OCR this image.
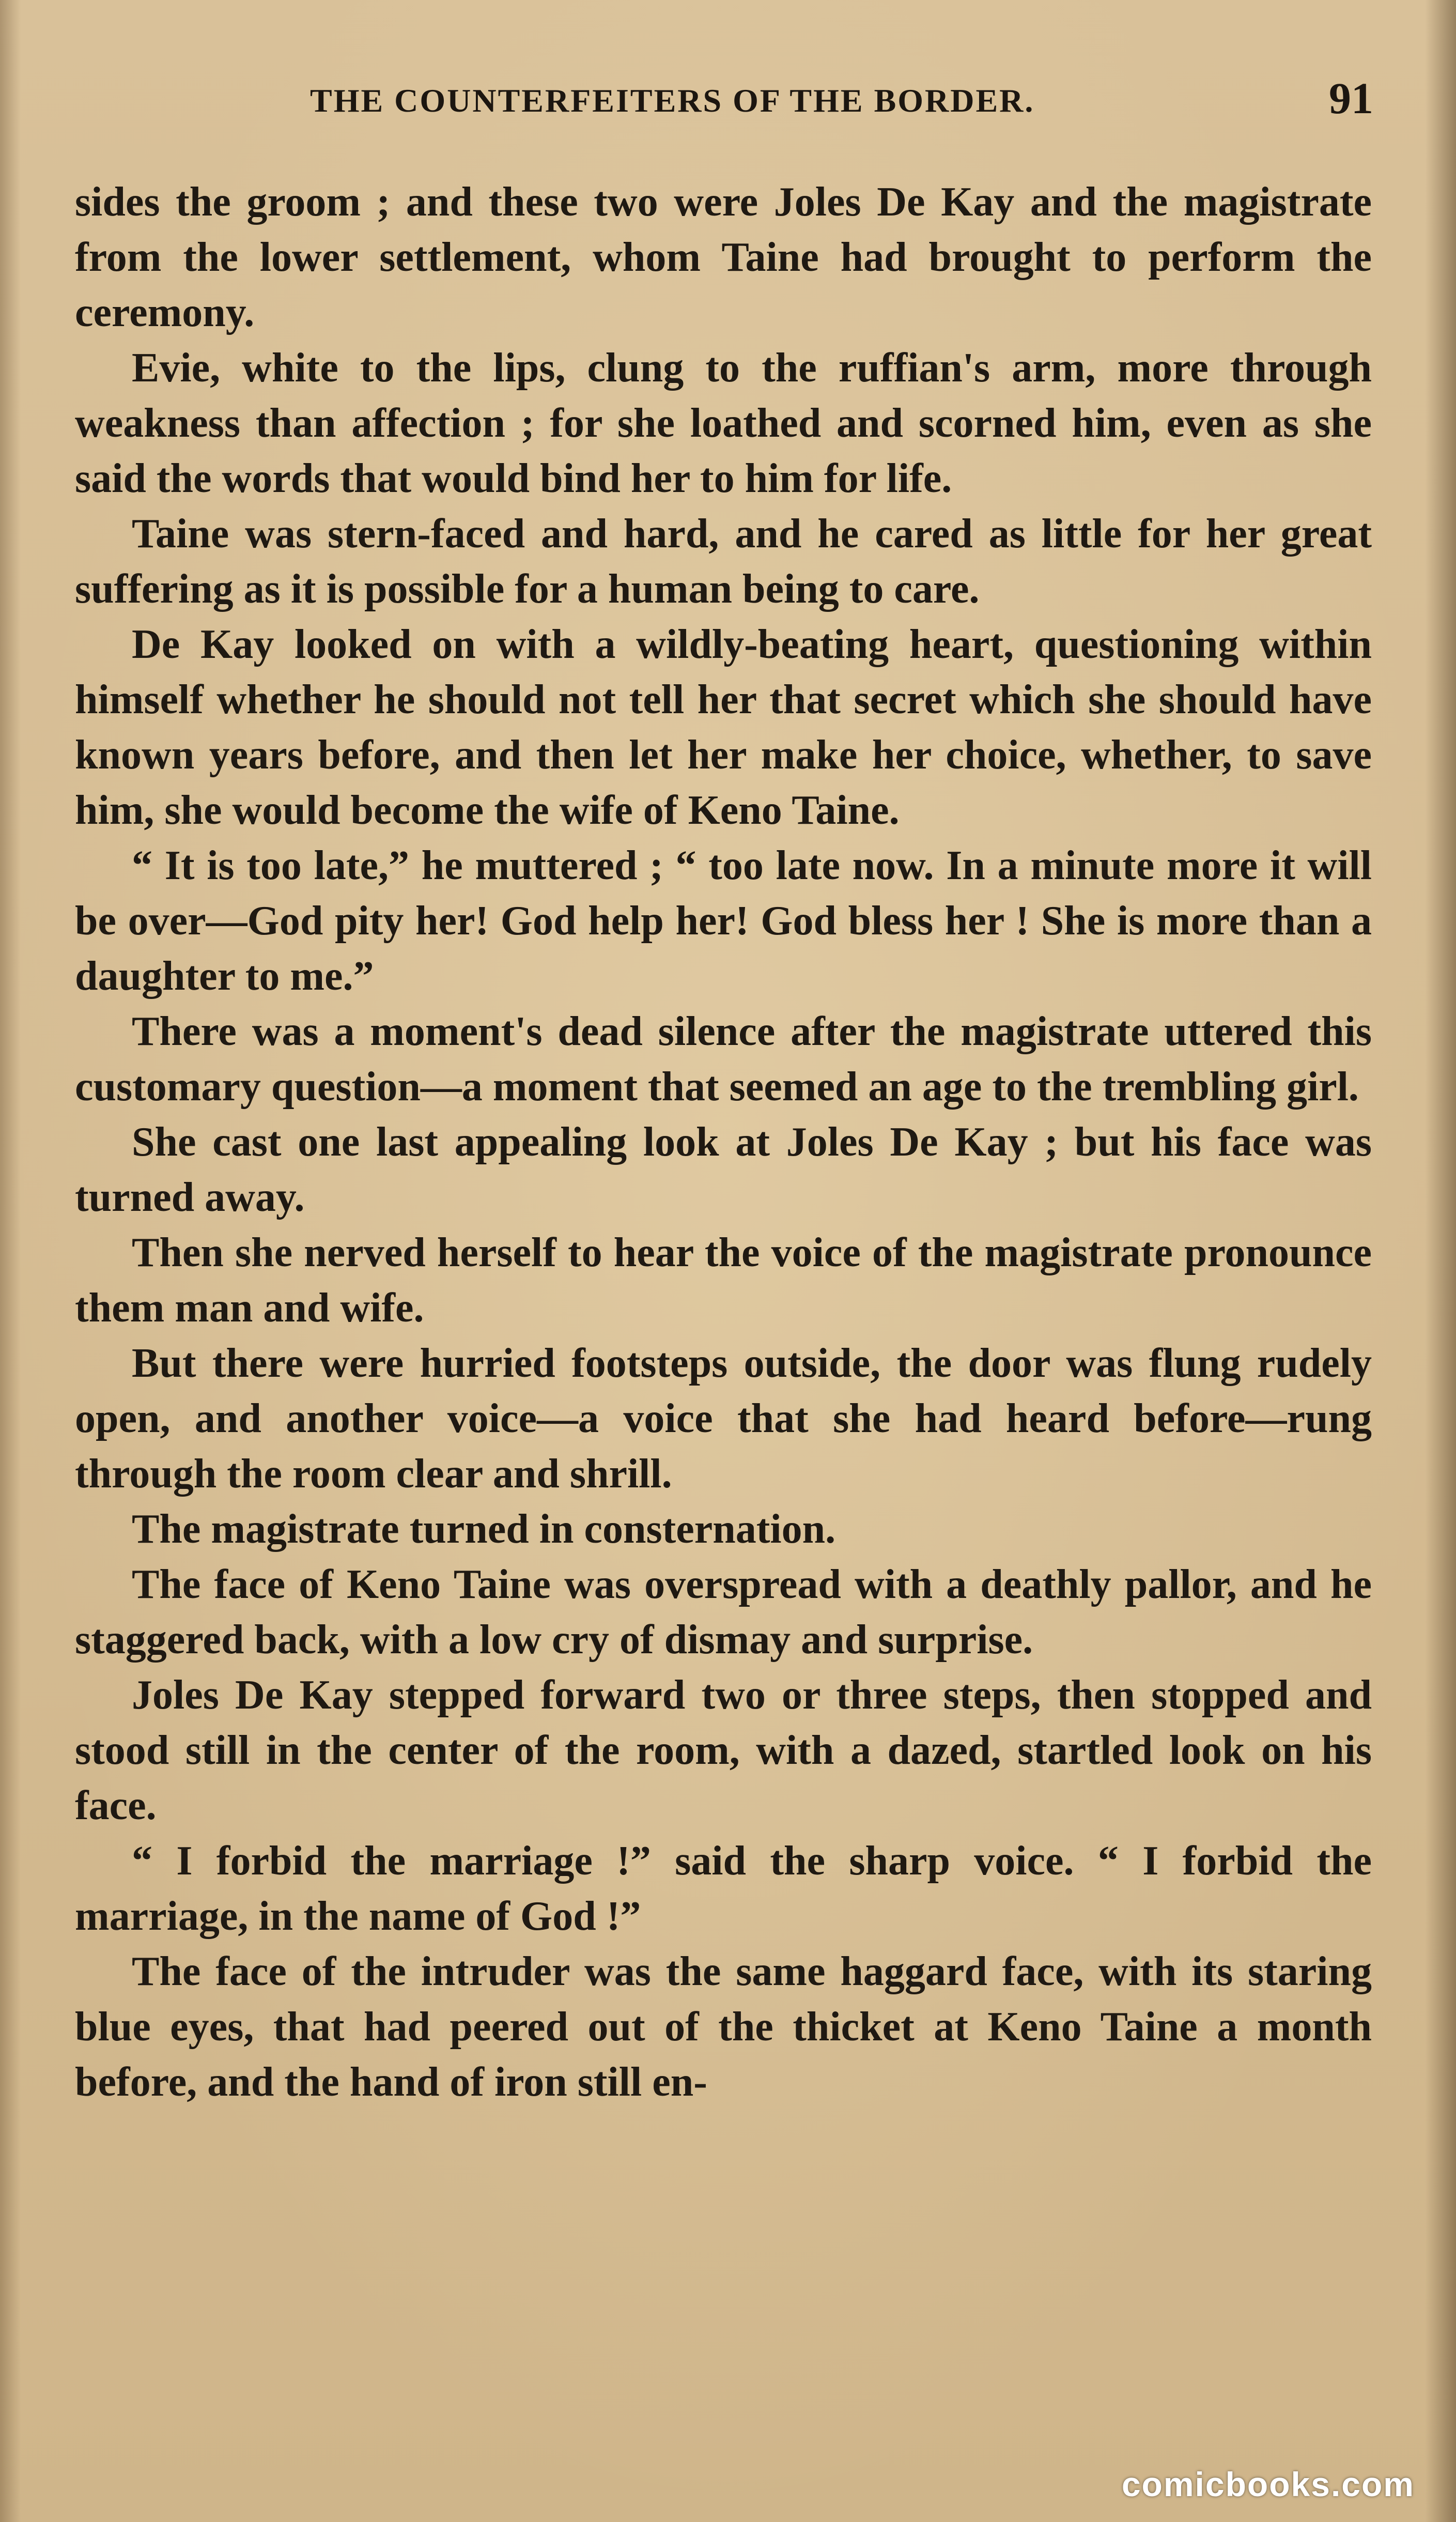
THE COUNTERFEITERS OF THE BORDER.	91

sides the groom ; and these two were Joles De Kay and the magistrate from the lower settlement, whom Taine had brought to perform the ceremony.

Evie, white to the lips, clung to the ruffian's arm, more through weakness than affection ; for she loathed and scorned him, even as she said the words that would bind her to him for life.

Taine was stern-faced and hard, and he cared as little for her great suffering as it is possible for a human being to care.

De Kay looked on with a wildly-beating heart, questioning within himself whether he should not tell her that secret which she should have known years before, and then let her make her choice, whether, to save him, she would become the wife of Keno Taine.

“ It is too late,” he muttered ; “ too late now. In a minute more it will be over—God pity her! God help her! God bless her ! She is more than a daughter to me.”

There was a moment's dead silence after the magistrate uttered this customary question—a moment that seemed an age to the trembling girl.

She cast one last appealing look at Joles De Kay ; but his face was turned away.

Then she nerved herself to hear the voice of the magistrate pronounce them man and wife.

But there were hurried footsteps outside, the door was flung rudely open, and another voice—a voice that she had heard before—rung through the room clear and shrill.

The magistrate turned in consternation.

The face of Keno Taine was overspread with a deathly pallor, and he staggered back, with a low cry of dismay and surprise.

Joles De Kay stepped forward two or three steps, then stopped and stood still in the center of the room, with a dazed, startled look on his face.

“ I forbid the marriage !” said the sharp voice. “ I forbid the marriage, in the name of God !”

The face of the intruder was the same haggard face, with its staring blue eyes, that had peered out of the thicket at Keno Taine a month before, and the hand of iron still en-

comicbooks.com
